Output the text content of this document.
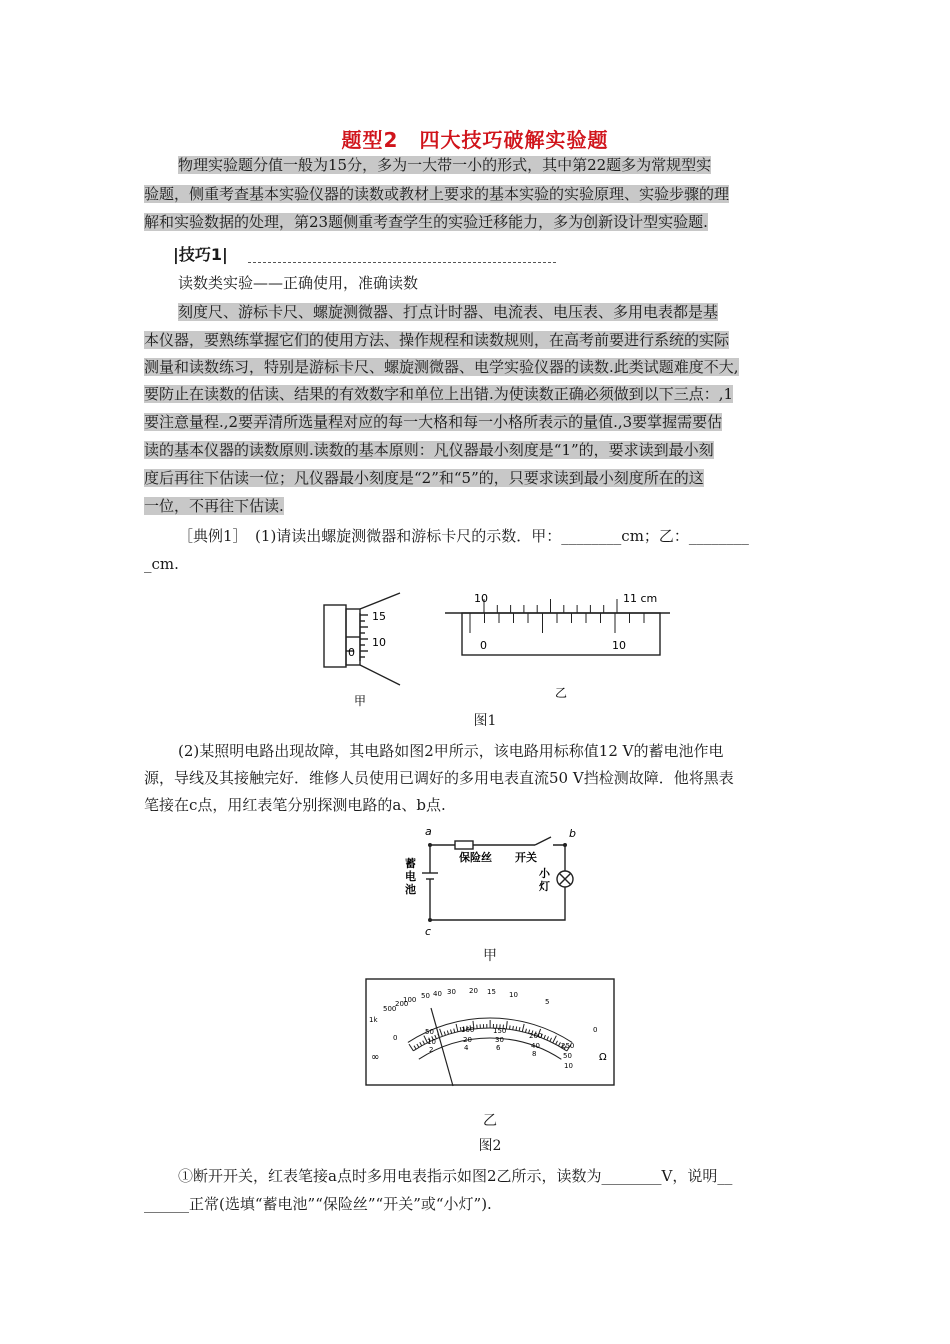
题型2　四大技巧破解实验题
物理实验题分值一般为15分，多为一大带一小的形式，其中第22题多为常规型实
验题，侧重考查基本实验仪器的读数或教材上要求的基本实验的实验原理、实验步骤的理
解和实验数据的处理，第23题侧重考查学生的实验迁移能力，多为创新设计型实验题.
|技巧1|
读数类实验——正确使用，准确读数
刻度尺、游标卡尺、螺旋测微器、打点计时器、电流表、电压表、多用电表都是基
本仪器，要熟练掌握它们的使用方法、操作规程和读数规则，在高考前要进行系统的实际
测量和读数练习，特别是游标卡尺、螺旋测微器、电学实验仪器的读数.此类试题难度不大,
要防止在读数的估读、结果的有效数字和单位上出错.为使读数正确必须做到以下三点：,1
要注意量程.,2要弄清所选量程对应的每一大格和每一小格所表示的量值.,3要掌握需要估
读的基本仪器的读数原则.读数的基本原则：凡仪器最小刻度是“1”的，要求读到最小刻
度后再往下估读一位；凡仪器最小刻度是“2”和“5”的，只要求读到最小刻度所在的这
一位，不再往下估读.
［典例1］　(1)请读出螺旋测微器和游标卡尺的示数．甲：________cm；乙：________
_cm.
15
10
0
甲
10	11 cm
0	10
乙
图1
(2)某照明电路出现故障，其电路如图2甲所示，该电路用标称值12 V的蓄电池作电
源，导线及其接触完好．维修人员使用已调好的多用电表直流50 V挡检测故障．他将黑表
笔接在c点，用红表笔分别探测电路的a、b点.
a	b
c
保险丝 开关
蓄
电
池
小
灯
甲
Ω
∞
1k
500
200
100 50 40 30 20 15 10
5
0
0
50	100	150
200
250
10	20	30
40
50
2	4	6
8
10
乙
图2
①断开开关，红表笔接a点时多用电表指示如图2乙所示，读数为________V，说明__
______正常(选填“蓄电池”“保险丝”“开关”或“小灯”).
